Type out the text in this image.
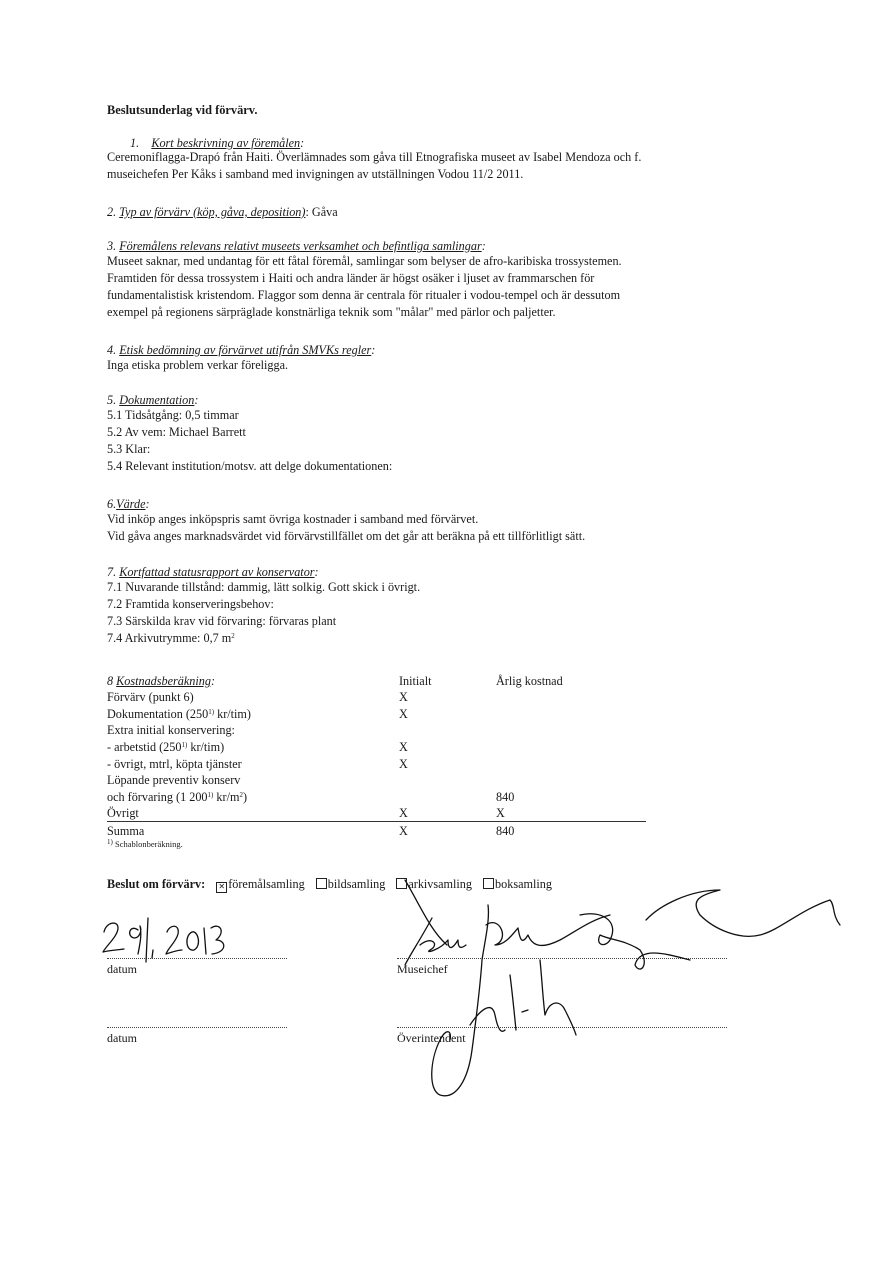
Beslutsunderlag vid förvärv.
1. Kort beskrivning av föremålen:

Ceremoniflagga-Drapó från Haiti. Överlämnades som gåva till Etnografiska museet av Isabel Mendoza och f.

museichefen Per Kåks i samband med invigningen av utställningen Vodou 11/2 2011.

2. Typ av förvärv (köp, gåva, deposition): Gåva
3. Föremålens relevans relativt museets verksamhet och befintliga samlingar:

Museet saknar, med undantag för ett fåtal föremål, samlingar som belyser de afro-karibiska trossystemen.

Framtiden för dessa trossystem i Haiti och andra länder är högst osäker i ljuset av frammarschen för

fundamentalistisk kristendom. Flaggor som denna är centrala för ritualer i vodou-tempel och är dessutom

exempel på regionens särpräglade konstnärliga teknik som "målar" med pärlor och paljetter.

4. Etisk bedömning av förvärvet utifrån SMVKs regler:

Inga etiska problem verkar föreligga.

5. Dokumentation:

5.1 Tidsåtgång: 0,5 timmar

5.2 Av vem: Michael Barrett

5.3 Klar:

5.4 Relevant institution/motsv. att delge dokumentationen:

6.Värde:

Vid inköp anges inköpspris samt övriga kostnader i samband med förvärvet.

Vid gåva anges marknadsvärdet vid förvärvstillfället om det går att beräkna på ett tillförlitligt sätt.

7. Kortfattad statusrapport av konservator:

7.1 Nuvarande tillstånd: dammig, lätt solkig. Gott skick i övrigt.

7.2 Framtida konserveringsbehov:

7.3 Särskilda krav vid förvaring: förvaras plant

7.4 Arkivutrymme: 0,7 $m^2$

8 Kostnadsberäkning:	Initialt	Årlig kostnad
Förvärv (punkt 6)	X	
Dokumentation (250$^{1)}$ kr/tim)	X	
Extra initial konservering:		
- arbetstid (250$^{1)}$ kr/tim)	X	
- övrigt, mtrl, köpta tjänster	X	
Löpande preventiv konserv		
och förvaring (1 200$^{1)}$ $kr/m^2$)		840
Övrigt	X	X
Summa	X	840
$^{1)}$ Schablonberäkning.		
Beslut om förvärv: ✕ föremålsamling bildsamling arkivsamling boksamling
datum	Museichef
datum	Överintendent
